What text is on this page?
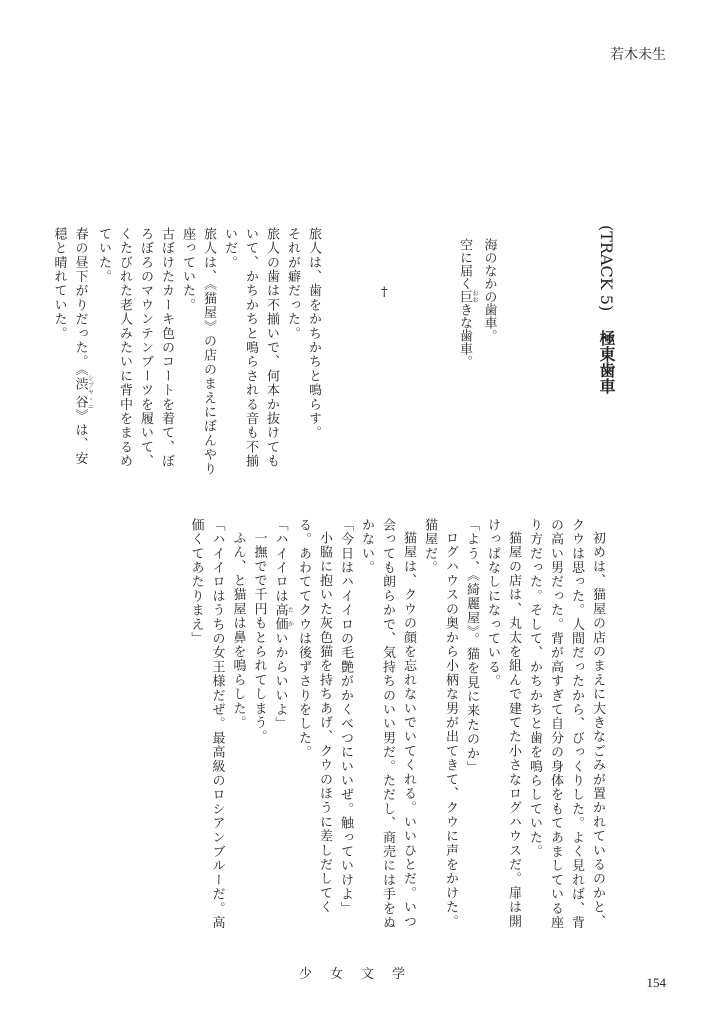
若木未生
(TRACK 5) 極東歯車

海のなかの歯車。

空に届く巨 おおきな歯車。

†

旅人は、歯をかちかちと鳴らす。

それが癖だった。

旅人の歯は不揃いで、何本か抜けてもいて、かちかちと鳴らされる音も不揃いだ。

旅人は、《猫屋》の店のまえにぼんやり座っていた。

古ぼけたカーキ色のコートを着て、ぼろぼろのマウンテンブーツを履いて、くたびれた老人みたいに背中をまるめていた。

春の昼下がりだった。《渋谷 シブヤ・ニ》は、安穏と晴れていた。

初めは、猫屋の店のまえに大きなごみが置かれているのかと、クウは思った。人間だったから、びっくりした。よく見れば、背の高い男だった。背が高すぎて自分の身体をもてあましている座り方だった。そして、かちかちと歯を鳴らしていた。

猫屋の店は、丸太を組んで建てた小さなログハウスだ。扉は開けっぱなしになっている。

「よう、《綺麗屋》。猫を見に来たのか」

ログハウスの奥から小柄な男が出てきて、クウに声をかけた。猫屋だ。

猫屋は、クウの顔を忘れないでいてくれる。いいひとだ。いつ会っても朗らかで、気持ちのいい男だ。ただし、商売には手をぬかない。

「今日はハイイロの毛艶がかくべつにいいぜ。触っていけよ」

小脇に抱いた灰色猫を持ちあげ、クウのほうに差しだしてくる。あわててクウは後ずさりをした。

「ハイイロは高価 たかいからいいよ」

一撫でで千円もとられてしまう。

ふん、と猫屋は鼻を鳴らした。

「ハイイロはうちの女王様だぜ。最高級のロシアンブルーだ。高価くてあたりまえ」

少女文学
154
